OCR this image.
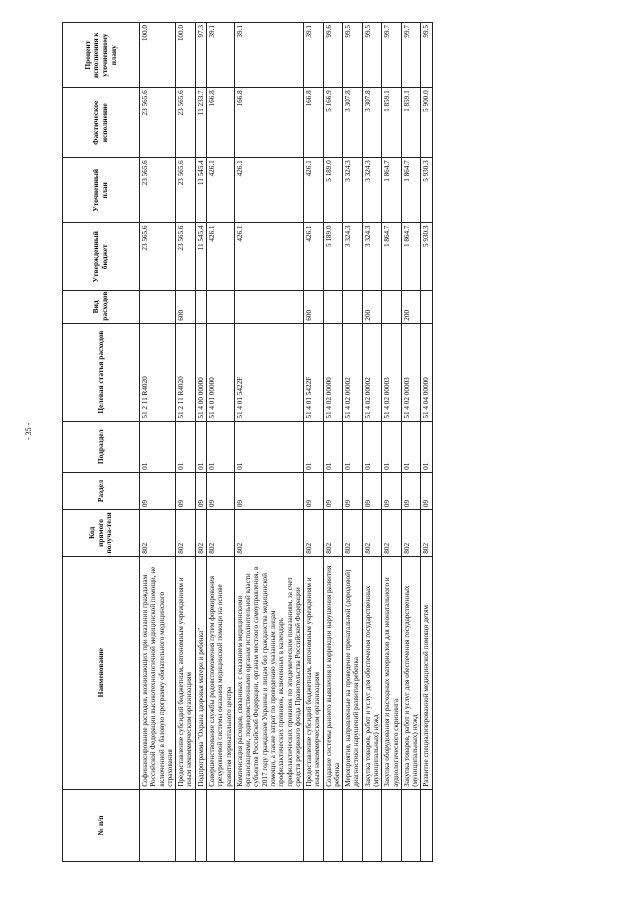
- 35 -
№ п/п	Наименование	Код прямого получа-теля	Раздел	Подраздел	Целевая статья расходов	Вид расходов	Утвержденный бюджет	Уточненный план	Фактическое исполнение	Процент исполнения к уточненному плану
	Софинансирование расходов, возникающих при оказании гражданам Российской Федерации высокотехнологичной медицинской помощи, не включенной в базовую программу обязательного медицинского страхования	802	09	01	51 2 11 R4020		23 565.6	23 565.6	23 565.6	100.0
	Предоставление субсидий бюджетным, автономным учреждениям и иным некоммерческим организациям	802	09	01	51 2 11 R4020	600	23 565.6	23 565.6	23 565.6	100.0
	Подпрограмма "Охрана здоровья матери и ребенка"	802	09	01	51 4 00 00000		11 545.4	11 545.4	11 233.7	97.3
	Совершенствование службы родовспоможения путем формирования трехуровневой системы оказания медицинской помощи на основе развития перинатального центра	802	09	01	51 4 01 00000		426.1	426.1	166.8	39.1
	Компенсация расходов, связанных с оказанием медицинскими организациями, подведомственными органам исполнительной власти субъектов Российской Федерации, органам местного самоуправления, в 2017 году гражданам Украины и лицам без гражданства медицинской помощи, а также затрат по проведению указанным лицам профилактических прививок, включенных в календарь профилактических прививок по эпидемическим показаниям, за счет средств резервного фонда Правительства Российской Федерации	802	09	01	51 4 01 5422F		426.1	426.1	166.8	39.1
	Предоставление субсидий бюджетным, автономным учреждениям и иным некоммерческим организациям	802	09	01	51 4 01 5422F	600	426.1	426.1	166.8	39.1
	Создание системы раннего выявления и коррекции нарушения развития ребенка	802	09	01	51 4 02 00000		5 189.0	5 189.0	5 166.9	99.6
	Мероприятия, направленные на проведение пренатальной (дородовой) диагностики нарушений развития ребенка	802	09	01	51 4 02 00002		3 324.3	3 324.3	3 307.8	99.5
	Закупка товаров, работ и услуг для обеспечения государственных (муниципальных) нужд	802	09	01	51 4 02 00002	200	3 324.3	3 324.3	3 307.8	99.5
	Закупка оборудования и расходных материалов для неонатального и аудиологического скрининга	802	09	01	51 4 02 00003		1 864.7	1 864.7	1 859.1	99.7
	Закупка товаров, работ и услуг для обеспечения государственных (муниципальных) нужд	802	09	01	51 4 02 00003	200	1 864.7	1 864.7	1 859.1	99.7
	Развитие специализированной медицинской помощи детям	802	09	01	51 4 04 00000		5 930.3	5 930.3	5 900.0	99.5
